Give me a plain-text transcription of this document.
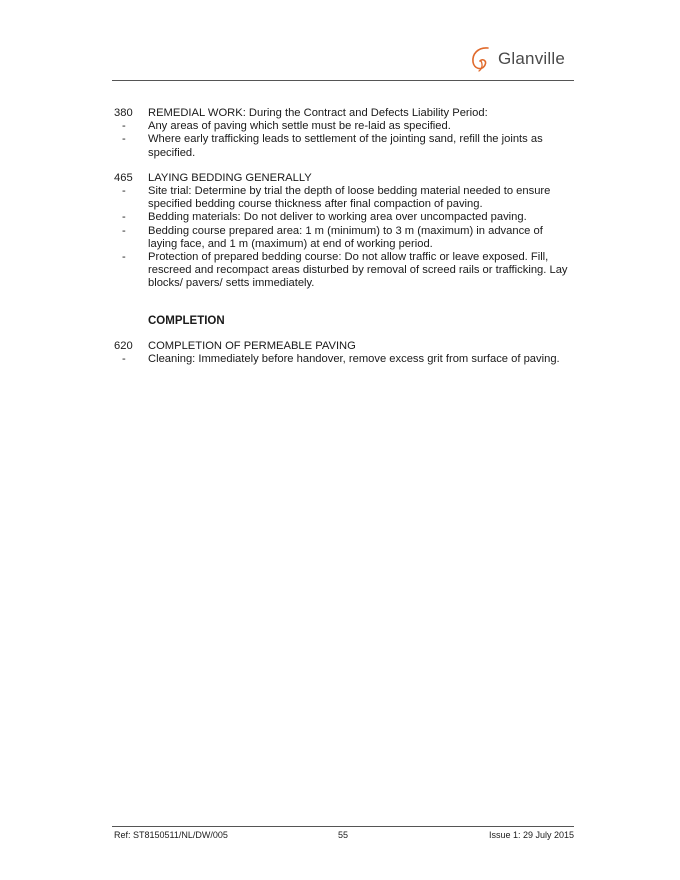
Glanville
380	REMEDIAL WORK: During the Contract and Defects Liability Period:
-	Any areas of paving which settle must be re-laid as specified.
-	Where early trafficking leads to settlement of the jointing sand, refill the joints as specified.
465	LAYING BEDDING GENERALLY
-	Site trial: Determine by trial the depth of loose bedding material needed to ensure specified bedding course thickness after final compaction of paving.
-	Bedding materials: Do not deliver to working area over uncompacted paving.
-	Bedding course prepared area: 1 m (minimum) to 3 m (maximum) in advance of laying face, and 1 m (maximum) at end of working period.
-	Protection of prepared bedding course: Do not allow traffic or leave exposed. Fill, rescreed and recompact areas disturbed by removal of screed rails or trafficking. Lay blocks/ pavers/ setts immediately.
COMPLETION
620	COMPLETION OF PERMEABLE PAVING
-	Cleaning: Immediately before handover, remove excess grit from surface of paving.
Ref: ST8150511/NL/DW/005	55	Issue 1: 29 July 2015
